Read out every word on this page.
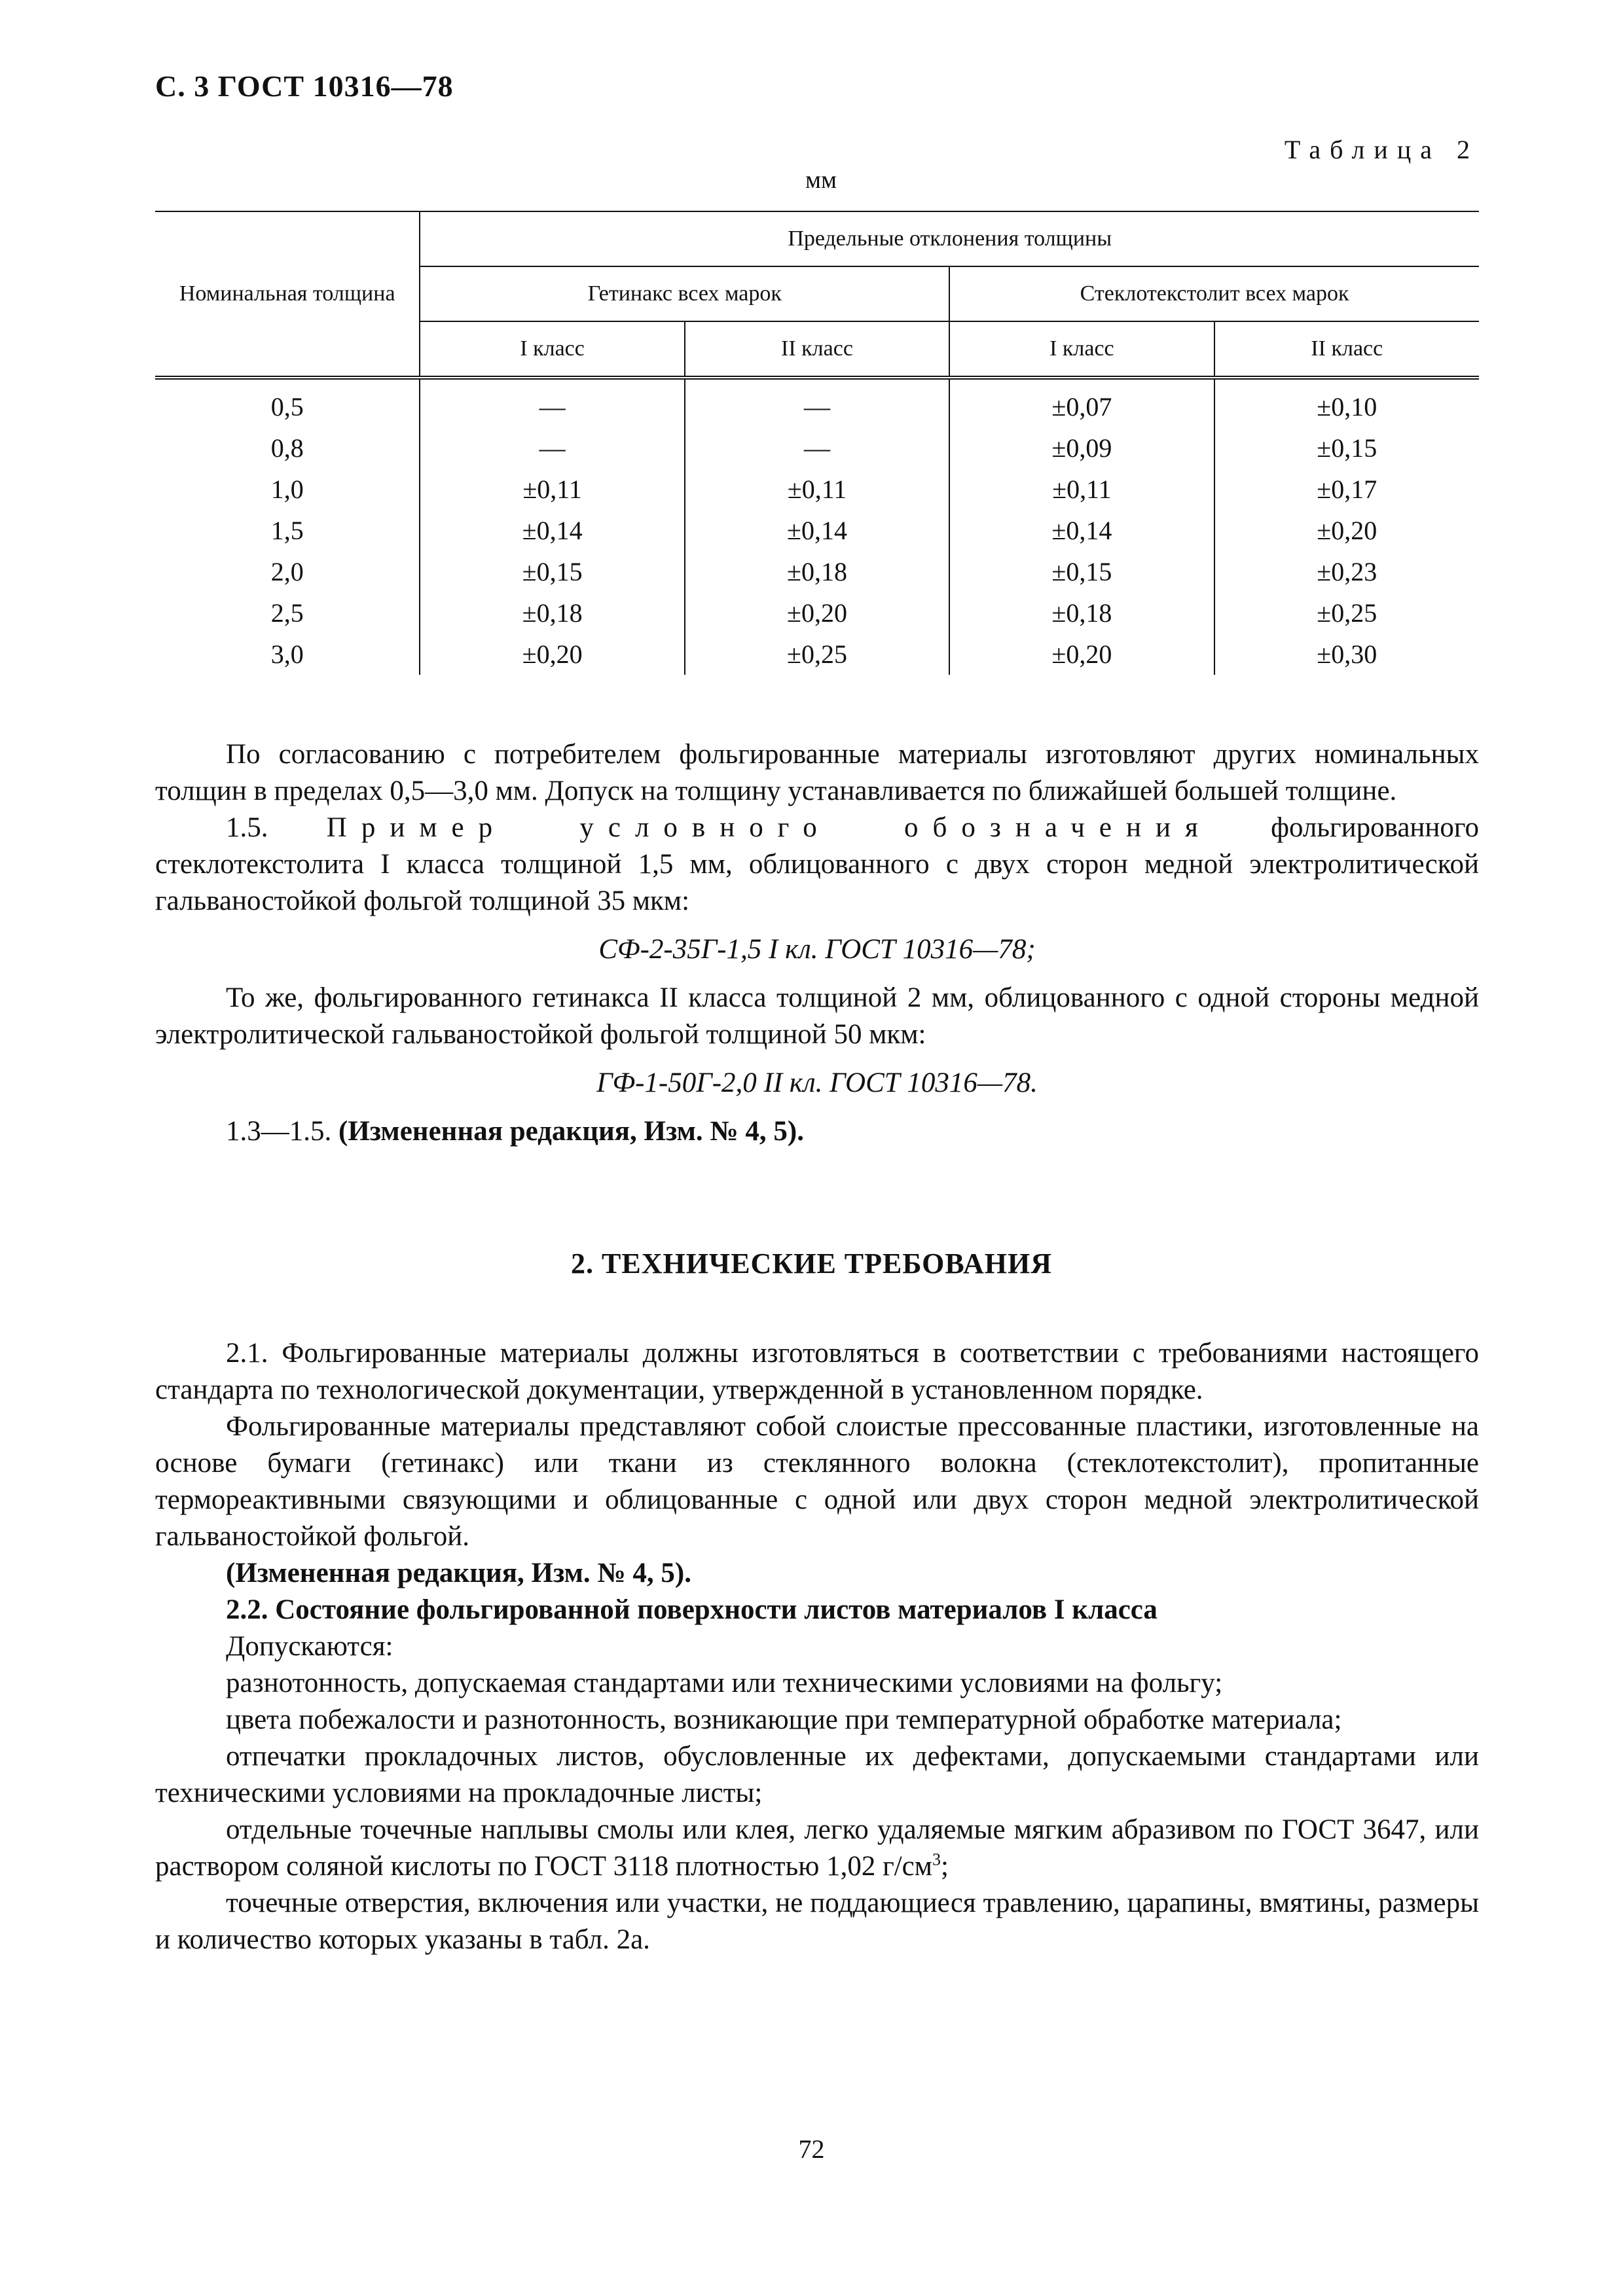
С. 3 ГОСТ 10316—78
Таблица 2
мм
Номинальная толщина	Предельные отклонения толщины			
	Гетинакс всех марок		Стеклотекстолит всех марок	
	I класс	II класс	I класс	II класс
0,5	—	—	±0,07	±0,10
0,8	—	—	±0,09	±0,15
1,0	±0,11	±0,11	±0,11	±0,17
1,5	±0,14	±0,14	±0,14	±0,20
2,0	±0,15	±0,18	±0,15	±0,23
2,5	±0,18	±0,20	±0,18	±0,25
3,0	±0,20	±0,25	±0,20	±0,30

По согласованию с потребителем фольгированные материалы изготовляют других номинальных толщин в пределах 0,5—3,0 мм. Допуск на толщину устанавливается по ближайшей большей толщине.

1.5. Пример условного обозначения фольгированного стеклотекстолита I класса толщиной 1,5 мм, облицованного с двух сторон медной электролитической гальваностойкой фольгой толщиной 35 мкм:

СФ-2-35Г-1,5 I кл. ГОСТ 10316—78;

То же, фольгированного гетинакса II класса толщиной 2 мм, облицованного с одной стороны медной электролитической гальваностойкой фольгой толщиной 50 мкм:

ГФ-1-50Г-2,0 II кл. ГОСТ 10316—78.

1.3—1.5. (Измененная редакция, Изм. № 4, 5).

2. ТЕХНИЧЕСКИЕ ТРЕБОВАНИЯ

2.1. Фольгированные материалы должны изготовляться в соответствии с требованиями настоящего стандарта по технологической документации, утвержденной в установленном порядке.

Фольгированные материалы представляют собой слоистые прессованные пластики, изготовленные на основе бумаги (гетинакс) или ткани из стеклянного волокна (стеклотекстолит), пропитанные термореактивными связующими и облицованные с одной или двух сторон медной электролитической гальваностойкой фольгой.

(Измененная редакция, Изм. № 4, 5).

2.2. Состояние фольгированной поверхности листов материалов I класса

Допускаются:

разнотонность, допускаемая стандартами или техническими условиями на фольгу;

цвета побежалости и разнотонность, возникающие при температурной обработке материала;

отпечатки прокладочных листов, обусловленные их дефектами, допускаемыми стандартами или техническими условиями на прокладочные листы;

отдельные точечные наплывы смолы или клея, легко удаляемые мягким абразивом по ГОСТ 3647, или раствором соляной кислоты по ГОСТ 3118 плотностью 1,02 $г/см^3$;

точечные отверстия, включения или участки, не поддающиеся травлению, царапины, вмятины, размеры и количество которых указаны в табл. 2а.

72
